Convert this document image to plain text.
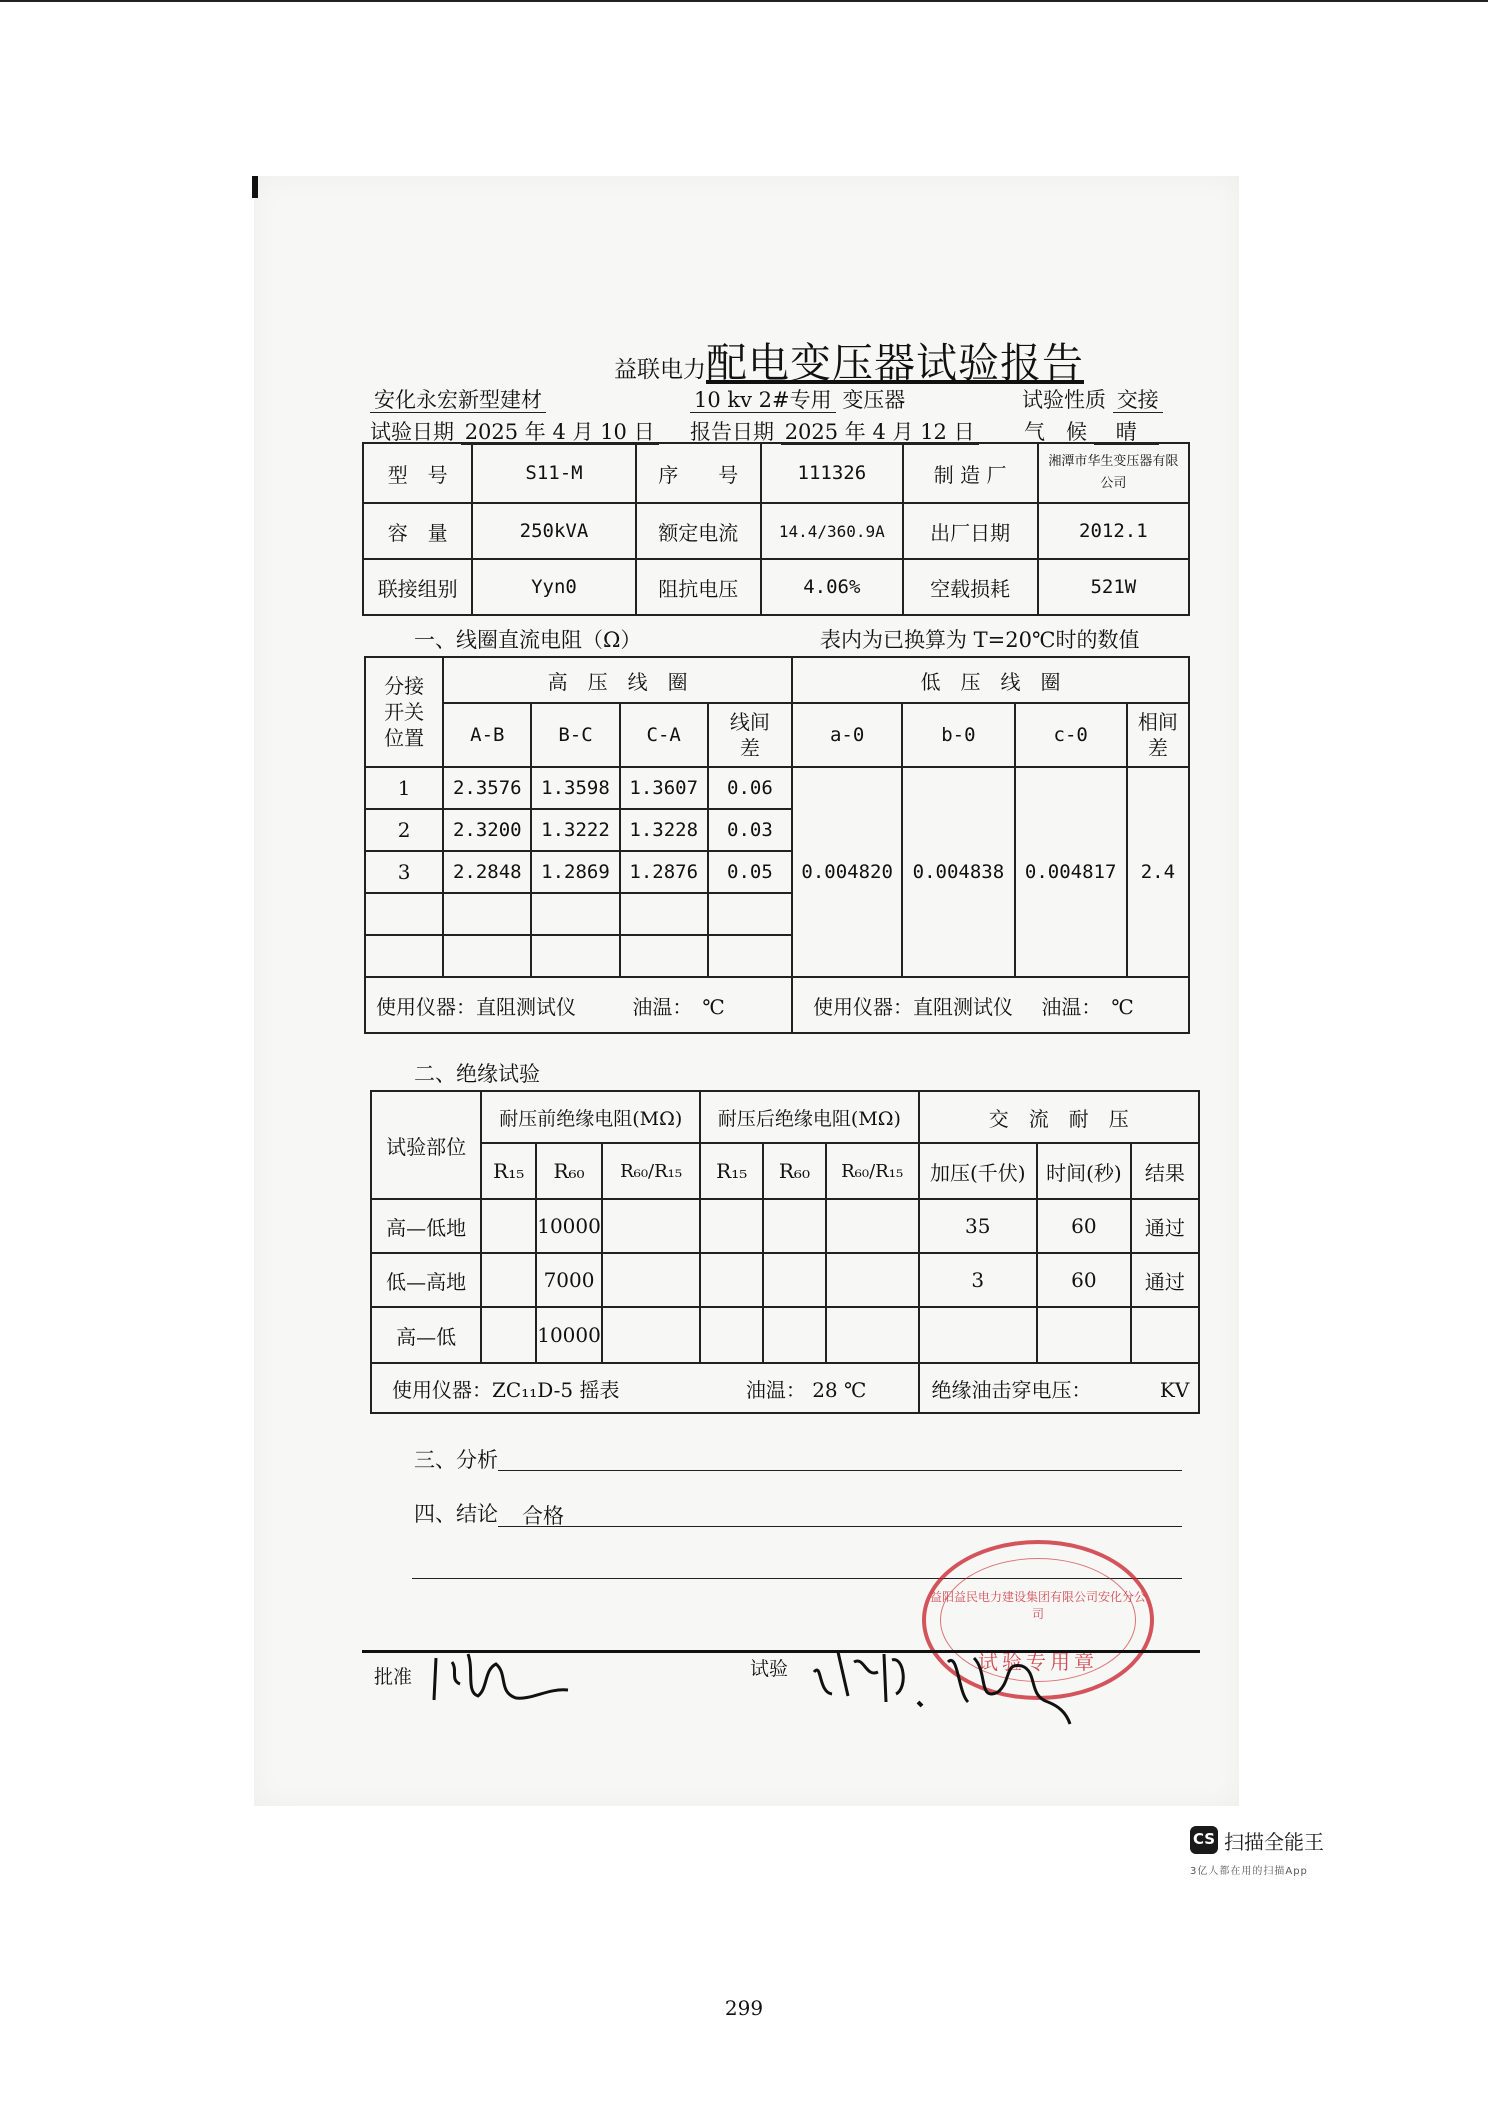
益联电力配电变压器试验报告
安化永宏新型建材	10 kv 2#专用 变压器	试验性质 交接
试验日期 2025 年 4 月 10 日 报告日期 2025 年 4 月 12 日 气　候 晴
型　号	S11-M	序　　号	111326	制 造 厂	湘潭市华生变压器有限公司
容　量	250kVA	额定电流	14.4/360.9A	出厂日期	2012.1
联接组别	Yyn0	阻抗电压	4.06%	空载损耗	521W
一、线圈直流电阻（Ω）	表内为已换算为 T=20℃时的数值
分接开关位置	高　压　线　圈				低　压　线　圈			
	A-B	B-C	C-A	线间差	a-0	b-0	c-0	相间差
1	2.3576	1.3598	1.3607	0.06	0.004820	0.004838	0.004817	2.4
2	2.3200	1.3222	1.3228	0.03				
3	2.2848	1.2869	1.2876	0.05				

使用仪器：直阻测试仪 油温：　℃					使用仪器：直阻测试仪 油温：　℃			
二、绝缘试验
试验部位	耐压前绝缘电阻(MΩ)			耐压后绝缘电阻(MΩ)			交　流　耐　压		
	R₁₅	R₆₀	R₆₀/R₁₅	R₁₅	R₆₀	R₆₀/R₁₅	加压(千伏)	时间(秒)	结果
高—低地		10000					35	60	通过
低—高地		7000					3	60	通过
高—低		10000							
使用仪器：ZC₁₁D-5 摇表 油温： 28 ℃							绝缘油击穿电压： KV		
三、分析
四、结论 合格
益阳益民电力建设集团有限公司安化分公司
试验专用章
批准	试验
CS 扫描全能王
3亿人都在用的扫描App
299
